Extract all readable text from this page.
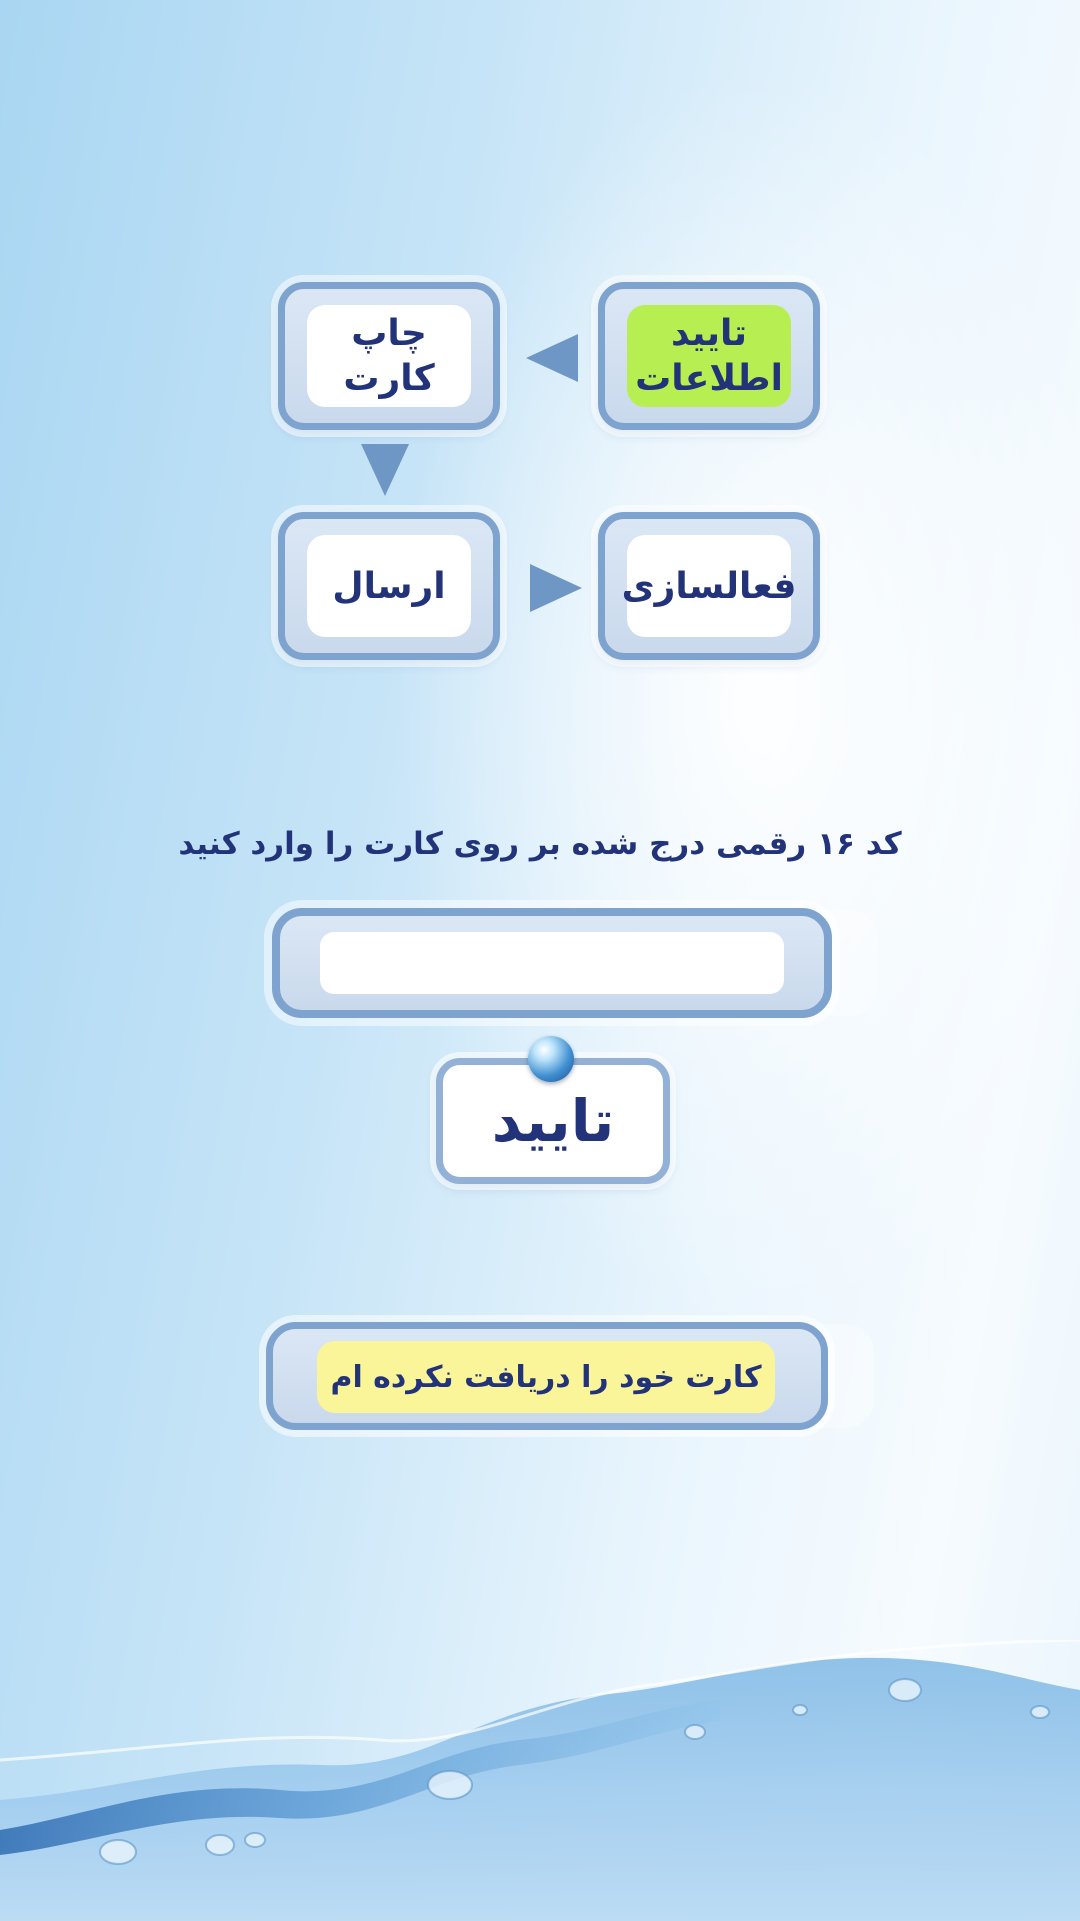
تایید
اطلاعات
چاپ
کارت
ارسال	فعالسازی
کد ۱۶ رقمی درج شده بر روی کارت را وارد کنید
تایید
کارت خود را دریافت نکرده ام
